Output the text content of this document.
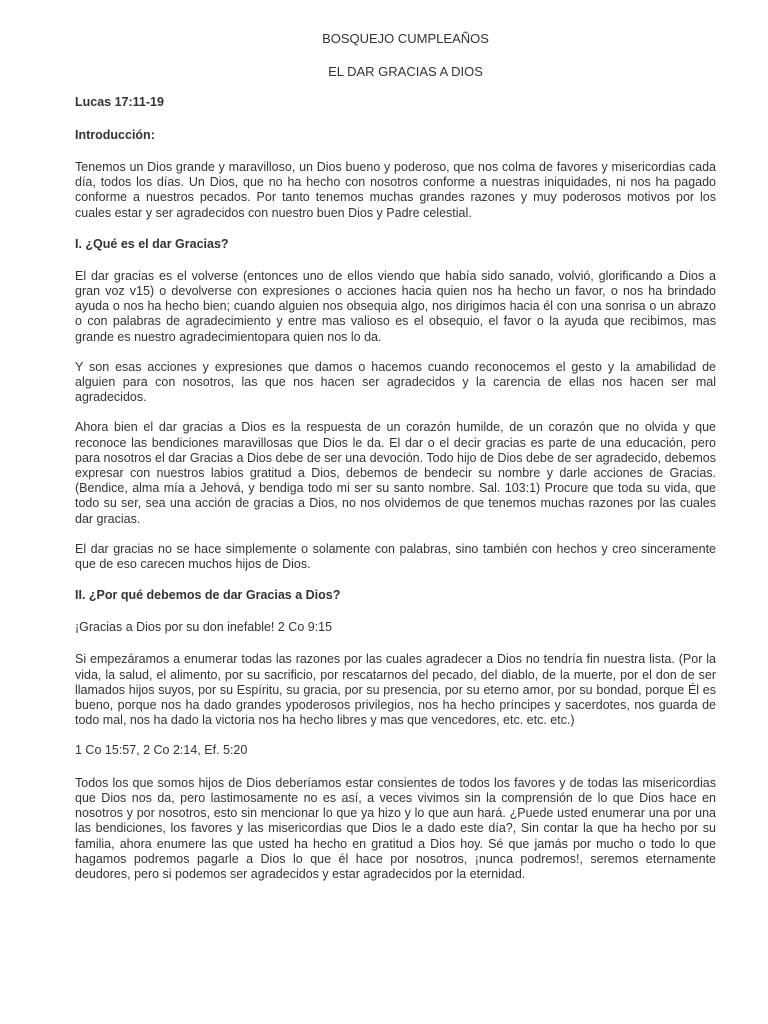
BOSQUEJO CUMPLEAÑOS

EL DAR GRACIAS A DIOS

Lucas 17:11-19

Introducción:

Tenemos un Dios grande y maravilloso, un Dios bueno y poderoso, que nos colma de favores y misericordias cada día, todos los días. Un Dios, que no ha hecho con nosotros conforme a nuestras iniquidades, ni nos ha pagado conforme a nuestros pecados. Por tanto tenemos muchas grandes razones y muy poderosos motivos por los cuales estar y ser agradecidos con nuestro buen Dios y Padre celestial.

I. ¿Qué es el dar Gracias?

El dar gracias es el volverse (entonces uno de ellos viendo que había sido sanado, volvió, glorificando a Dios a gran voz v15) o devolverse con expresiones o acciones hacia quien nos ha hecho un favor, o nos ha brindado ayuda o nos ha hecho bien; cuando alguien nos obsequia algo, nos dirigimos hacia él con una sonrisa o un abrazo o con palabras de agradecimiento y entre mas valioso es el obsequio, el favor o la ayuda que recibimos, mas grande es nuestro agradecimientopara quien nos lo da.

Y son esas acciones y expresiones que damos o hacemos cuando reconocemos el gesto y la amabilidad de alguien para con nosotros, las que nos hacen ser agradecidos y la carencia de ellas nos hacen ser mal agradecidos.

Ahora bien el dar gracias a Dios es la respuesta de un corazón humilde, de un corazón que no olvida y que reconoce las bendiciones maravillosas que Dios le da. El dar o el decir gracias es parte de una educación, pero para nosotros el dar Gracias a Dios debe de ser una devoción. Todo hijo de Dios debe de ser agradecido, debemos expresar con nuestros labios gratitud a Dios, debemos de bendecir su nombre y darle acciones de Gracias. (Bendice, alma mía a Jehová, y bendiga todo mi ser su santo nombre. Sal. 103:1) Procure que toda su vida, que todo su ser, sea una acción de gracias a Dios, no nos olvidemos de que tenemos muchas razones por las cuales dar gracias.

El dar gracias no se hace simplemente o solamente con palabras, sino también con hechos y creo sinceramente que de eso carecen muchos hijos de Dios.

II. ¿Por qué debemos de dar Gracias a Dios?

¡Gracias a Dios por su don inefable! 2 Co 9:15

Si empezáramos a enumerar todas las razones por las cuales agradecer a Dios no tendría fin nuestra lista. (Por la vida, la salud, el alimento, por su sacrificio, por rescatarnos del pecado, del diablo, de la muerte, por el don de ser llamados hijos suyos, por su Espíritu, su gracia, por su presencia, por su eterno amor, por su bondad, porque Él es bueno, porque nos ha dado grandes ypoderosos privilegios, nos ha hecho príncipes y sacerdotes, nos guarda de todo mal, nos ha dado la victoria nos ha hecho libres y mas que vencedores, etc. etc. etc.)

1 Co 15:57, 2 Co 2:14, Ef. 5:20

Todos los que somos hijos de Dios deberíamos estar consientes de todos los favores y de todas las misericordias que Dios nos da, pero lastimosamente no es así, a veces vivimos sin la comprensión de lo que Dios hace en nosotros y por nosotros, esto sin mencionar lo que ya hizo y lo que aun hará. ¿Puede usted enumerar una por una las bendiciones, los favores y las misericordias que Dios le a dado este día?, Sin contar la que ha hecho por su familia, ahora enumere las que usted ha hecho en gratitud a Dios hoy. Sé que jamás por mucho o todo lo que hagamos podremos pagarle a Dios lo que él hace por nosotros, ¡nunca podremos!, seremos eternamente deudores, pero si podemos ser agradecidos y estar agradecidos por la eternidad.
